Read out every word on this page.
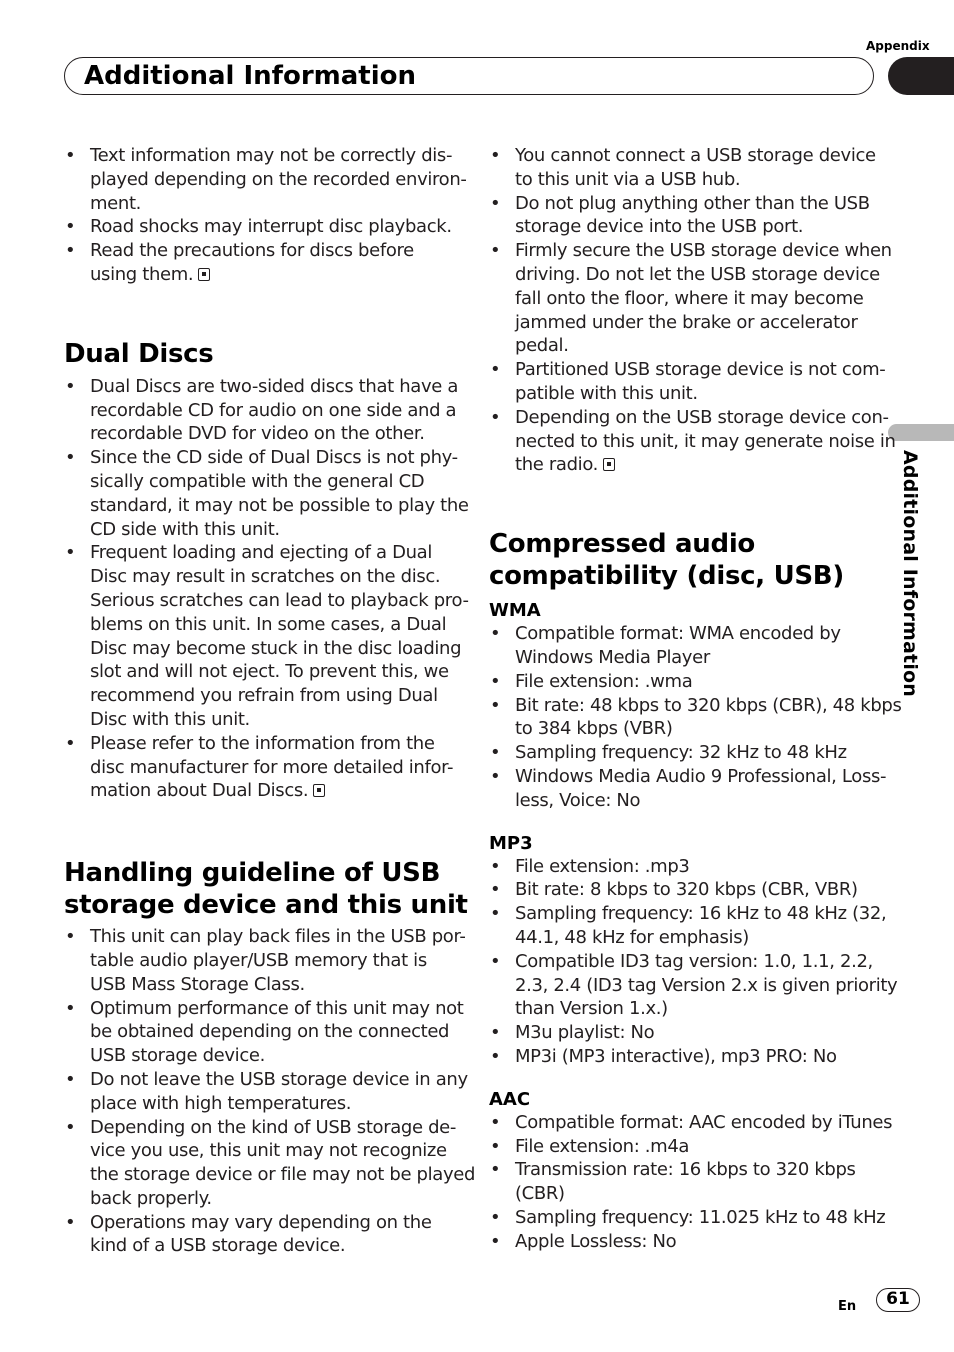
Appendix
Additional Information
Additional Information
• Text information may not be correctly dis-
played depending on the recorded environ-
ment.
• Road shocks may interrupt disc playback.
• Read the precautions for discs before
using them.
Dual Discs
• Dual Discs are two-sided discs that have a
recordable CD for audio on one side and a
recordable DVD for video on the other.
• Since the CD side of Dual Discs is not phy-
sically compatible with the general CD
standard, it may not be possible to play the
CD side with this unit.
• Frequent loading and ejecting of a Dual
Disc may result in scratches on the disc.
Serious scratches can lead to playback pro-
blems on this unit. In some cases, a Dual
Disc may become stuck in the disc loading
slot and will not eject. To prevent this, we
recommend you refrain from using Dual
Disc with this unit.
• Please refer to the information from the
disc manufacturer for more detailed infor-
mation about Dual Discs.
Handling guideline of USB
storage device and this unit
• This unit can play back files in the USB por-
table audio player/USB memory that is
USB Mass Storage Class.
• Optimum performance of this unit may not
be obtained depending on the connected
USB storage device.
• Do not leave the USB storage device in any
place with high temperatures.
• Depending on the kind of USB storage de-
vice you use, this unit may not recognize
the storage device or file may not be played
back properly.
• Operations may vary depending on the
kind of a USB storage device.
• You cannot connect a USB storage device
to this unit via a USB hub.
• Do not plug anything other than the USB
storage device into the USB port.
• Firmly secure the USB storage device when
driving. Do not let the USB storage device
fall onto the floor, where it may become
jammed under the brake or accelerator
pedal.
• Partitioned USB storage device is not com-
patible with this unit.
• Depending on the USB storage device con-
nected to this unit, it may generate noise in
the radio.
Compressed audio
compatibility (disc, USB)
WMA
• Compatible format: WMA encoded by
Windows Media Player
• File extension: .wma
• Bit rate: 48 kbps to 320 kbps (CBR), 48 kbps
to 384 kbps (VBR)
• Sampling frequency: 32 kHz to 48 kHz
• Windows Media Audio 9 Professional, Loss-
less, Voice: No
MP3
• File extension: .mp3
• Bit rate: 8 kbps to 320 kbps (CBR, VBR)
• Sampling frequency: 16 kHz to 48 kHz (32,
44.1, 48 kHz for emphasis)
• Compatible ID3 tag version: 1.0, 1.1, 2.2,
2.3, 2.4 (ID3 tag Version 2.x is given priority
than Version 1.x.)
• M3u playlist: No
• MP3i (MP3 interactive), mp3 PRO: No
AAC
• Compatible format: AAC encoded by iTunes
• File extension: .m4a
• Transmission rate: 16 kbps to 320 kbps
(CBR)
• Sampling frequency: 11.025 kHz to 48 kHz
• Apple Lossless: No
En	61
